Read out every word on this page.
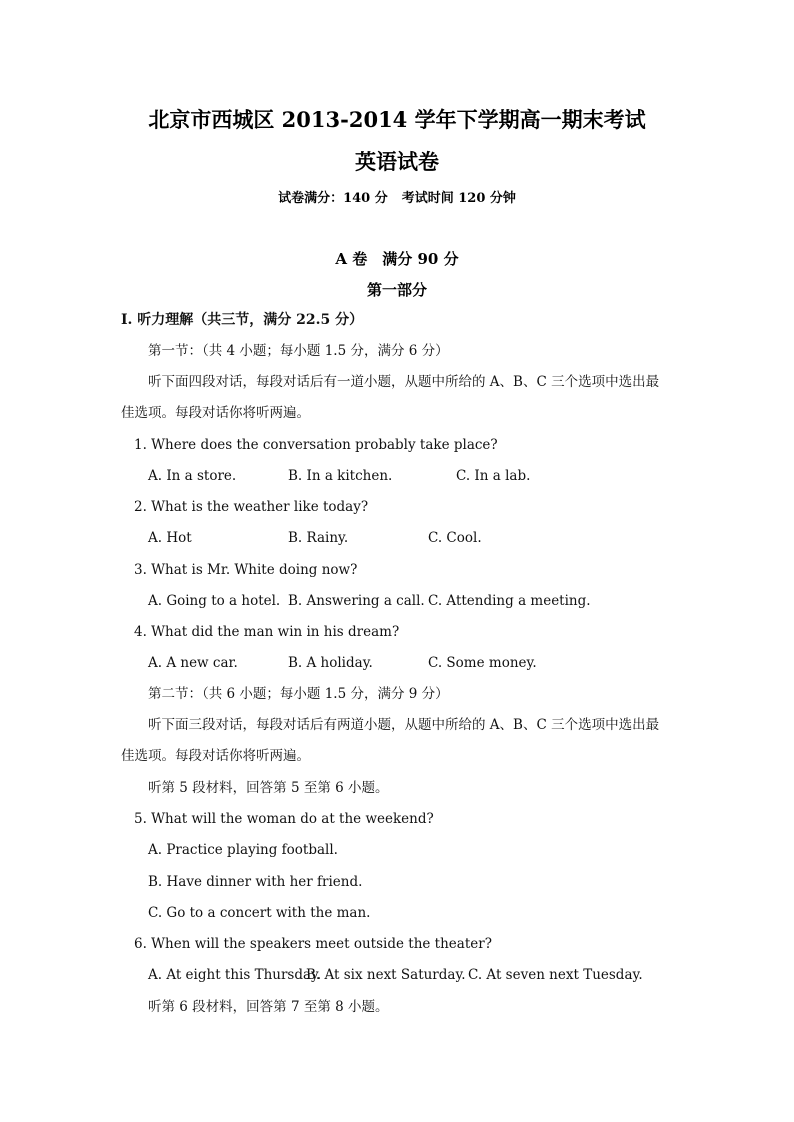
北京市西城区 2013-2014 学年下学期高一期末考试
英语试卷
试卷满分：140 分 考试时间 120 分钟
A 卷　满分 90 分
第一部分
Ⅰ. 听力理解（共三节，满分 22.5 分）
第一节：（共 4 小题；每小题 1.5 分，满分 6 分）
听下面四段对话，每段对话后有一道小题，从题中所给的 A、B、C 三个选项中选出最
佳选项。每段对话你将听两遍。
1. Where does the conversation probably take place?
A. In a store.	B. In a kitchen.	C. In a lab.
2. What is the weather like today?
A. Hot	B. Rainy.	C. Cool.
3. What is Mr. White doing now?
A. Going to a hotel. B. Answering a call. C. Attending a meeting.
4. What did the man win in his dream?
A. A new car.	B. A holiday.	C. Some money.
第二节：（共 6 小题；每小题 1.5 分，满分 9 分）
听下面三段对话，每段对话后有两道小题，从题中所给的 A、B、C 三个选项中选出最
佳选项。每段对话你将听两遍。
听第 5 段材料，回答第 5 至第 6 小题。
5. What will the woman do at the weekend?
A. Practice playing football.
B. Have dinner with her friend.
C. Go to a concert with the man.
6. When will the speakers meet outside the theater?
A. At eight this Thursday.
B. At six next Saturday. C. At seven next Tuesday.
听第 6 段材料，回答第 7 至第 8 小题。
